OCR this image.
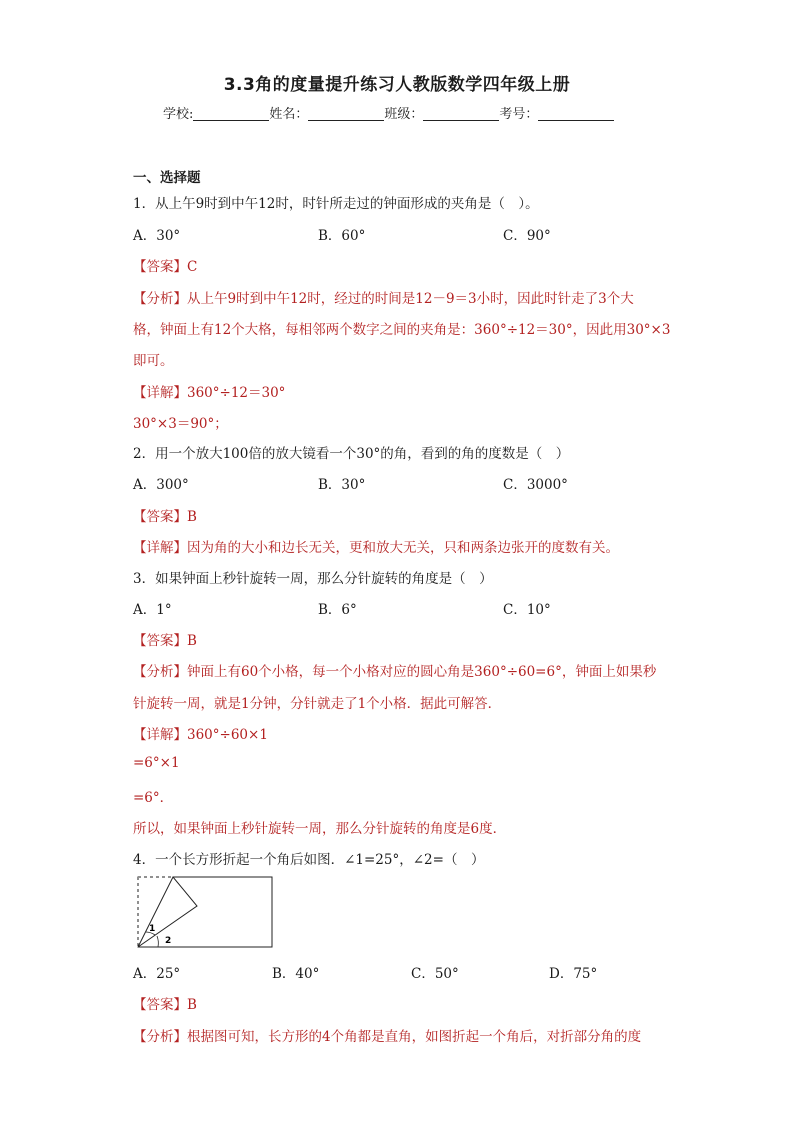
3.3角的度量提升练习人教版数学四年级上册
学校:	姓名：	班级：	考号：
一、选择题
1．从上午9时到中午12时，时针所走过的钟面形成的夹角是（　）。
A．30°	B．60°	C．90°
【答案】C
【分析】从上午9时到中午12时，经过的时间是12－9＝3小时，因此时针走了3个大
格，钟面上有12个大格，每相邻两个数字之间的夹角是：360°÷12＝30°，因此用30°×3
即可。
【详解】360°÷12＝30°
30°×3＝90°；
2．用一个放大100倍的放大镜看一个30°的角，看到的角的度数是（　）
A．300°	B．30°	C．3000°
【答案】B
【详解】因为角的大小和边长无关，更和放大无关，只和两条边张开的度数有关。
3．如果钟面上秒针旋转一周，那么分针旋转的角度是（　）
A．1°	B．6°	C．10°
【答案】B
【分析】钟面上有60个小格，每一个小格对应的圆心角是360°÷60=6°，钟面上如果秒
针旋转一周，就是1分钟，分针就走了1个小格．据此可解答．
【详解】360°÷60×1
=6°×1
=6°．
所以，如果钟面上秒针旋转一周，那么分针旋转的角度是6度．
4．一个长方形折起一个角后如图．∠1=25°，∠2=（　）
1
2
A．25°	B．40°	C．50°	D．75°
【答案】B
【分析】根据图可知，长方形的4个角都是直角，如图折起一个角后，对折部分角的度
